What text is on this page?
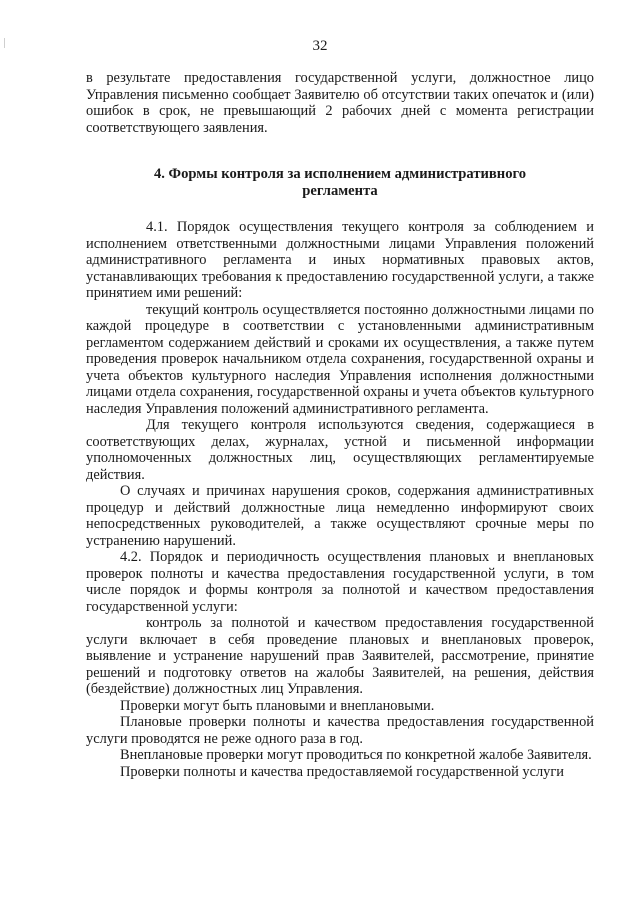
32

в результате предоставления государственной услуги, должностное лицо Управления письменно сообщает Заявителю об отсутствии таких опечаток и (или) ошибок в срок, не превышающий 2 рабочих дней с момента регистрации соответствующего заявления.

4. Формы контроля за исполнением административного
регламента

4.1. Порядок осуществления текущего контроля за соблюдением и исполнением ответственными должностными лицами Управления положений административного регламента и иных нормативных правовых актов, устанавливающих требования к предоставлению государственной услуги, а также принятием ими решений:

текущий контроль осуществляется постоянно должностными лицами по каждой процедуре в соответствии с установленными административным регламентом содержанием действий и сроками их осуществления, а также путем проведения проверок начальником отдела сохранения, государственной охраны и учета объектов культурного наследия Управления исполнения должностными лицами отдела сохранения, государственной охраны и учета объектов культурного наследия Управления положений административного регламента.

Для текущего контроля используются сведения, содержащиеся в соответствующих делах, журналах, устной и письменной информации уполномоченных должностных лиц, осуществляющих регламентируемые действия.

О случаях и причинах нарушения сроков, содержания административных процедур и действий должностные лица немедленно информируют своих непосредственных руководителей, а также осуществляют срочные меры по устранению нарушений.

4.2. Порядок и периодичность осуществления плановых и внеплановых проверок полноты и качества предоставления государственной услуги, в том числе порядок и формы контроля за полнотой и качеством предоставления государственной услуги:

контроль за полнотой и качеством предоставления государственной услуги включает в себя проведение плановых и внеплановых проверок, выявление и устранение нарушений прав Заявителей, рассмотрение, принятие решений и подготовку ответов на жалобы Заявителей, на решения, действия (бездействие) должностных лиц Управления.

Проверки могут быть плановыми и внеплановыми.

Плановые проверки полноты и качества предоставления государственной услуги проводятся не реже одного раза в год.

Внеплановые проверки могут проводиться по конкретной жалобе Заявителя.

Проверки полноты и качества предоставляемой государственной услуги
